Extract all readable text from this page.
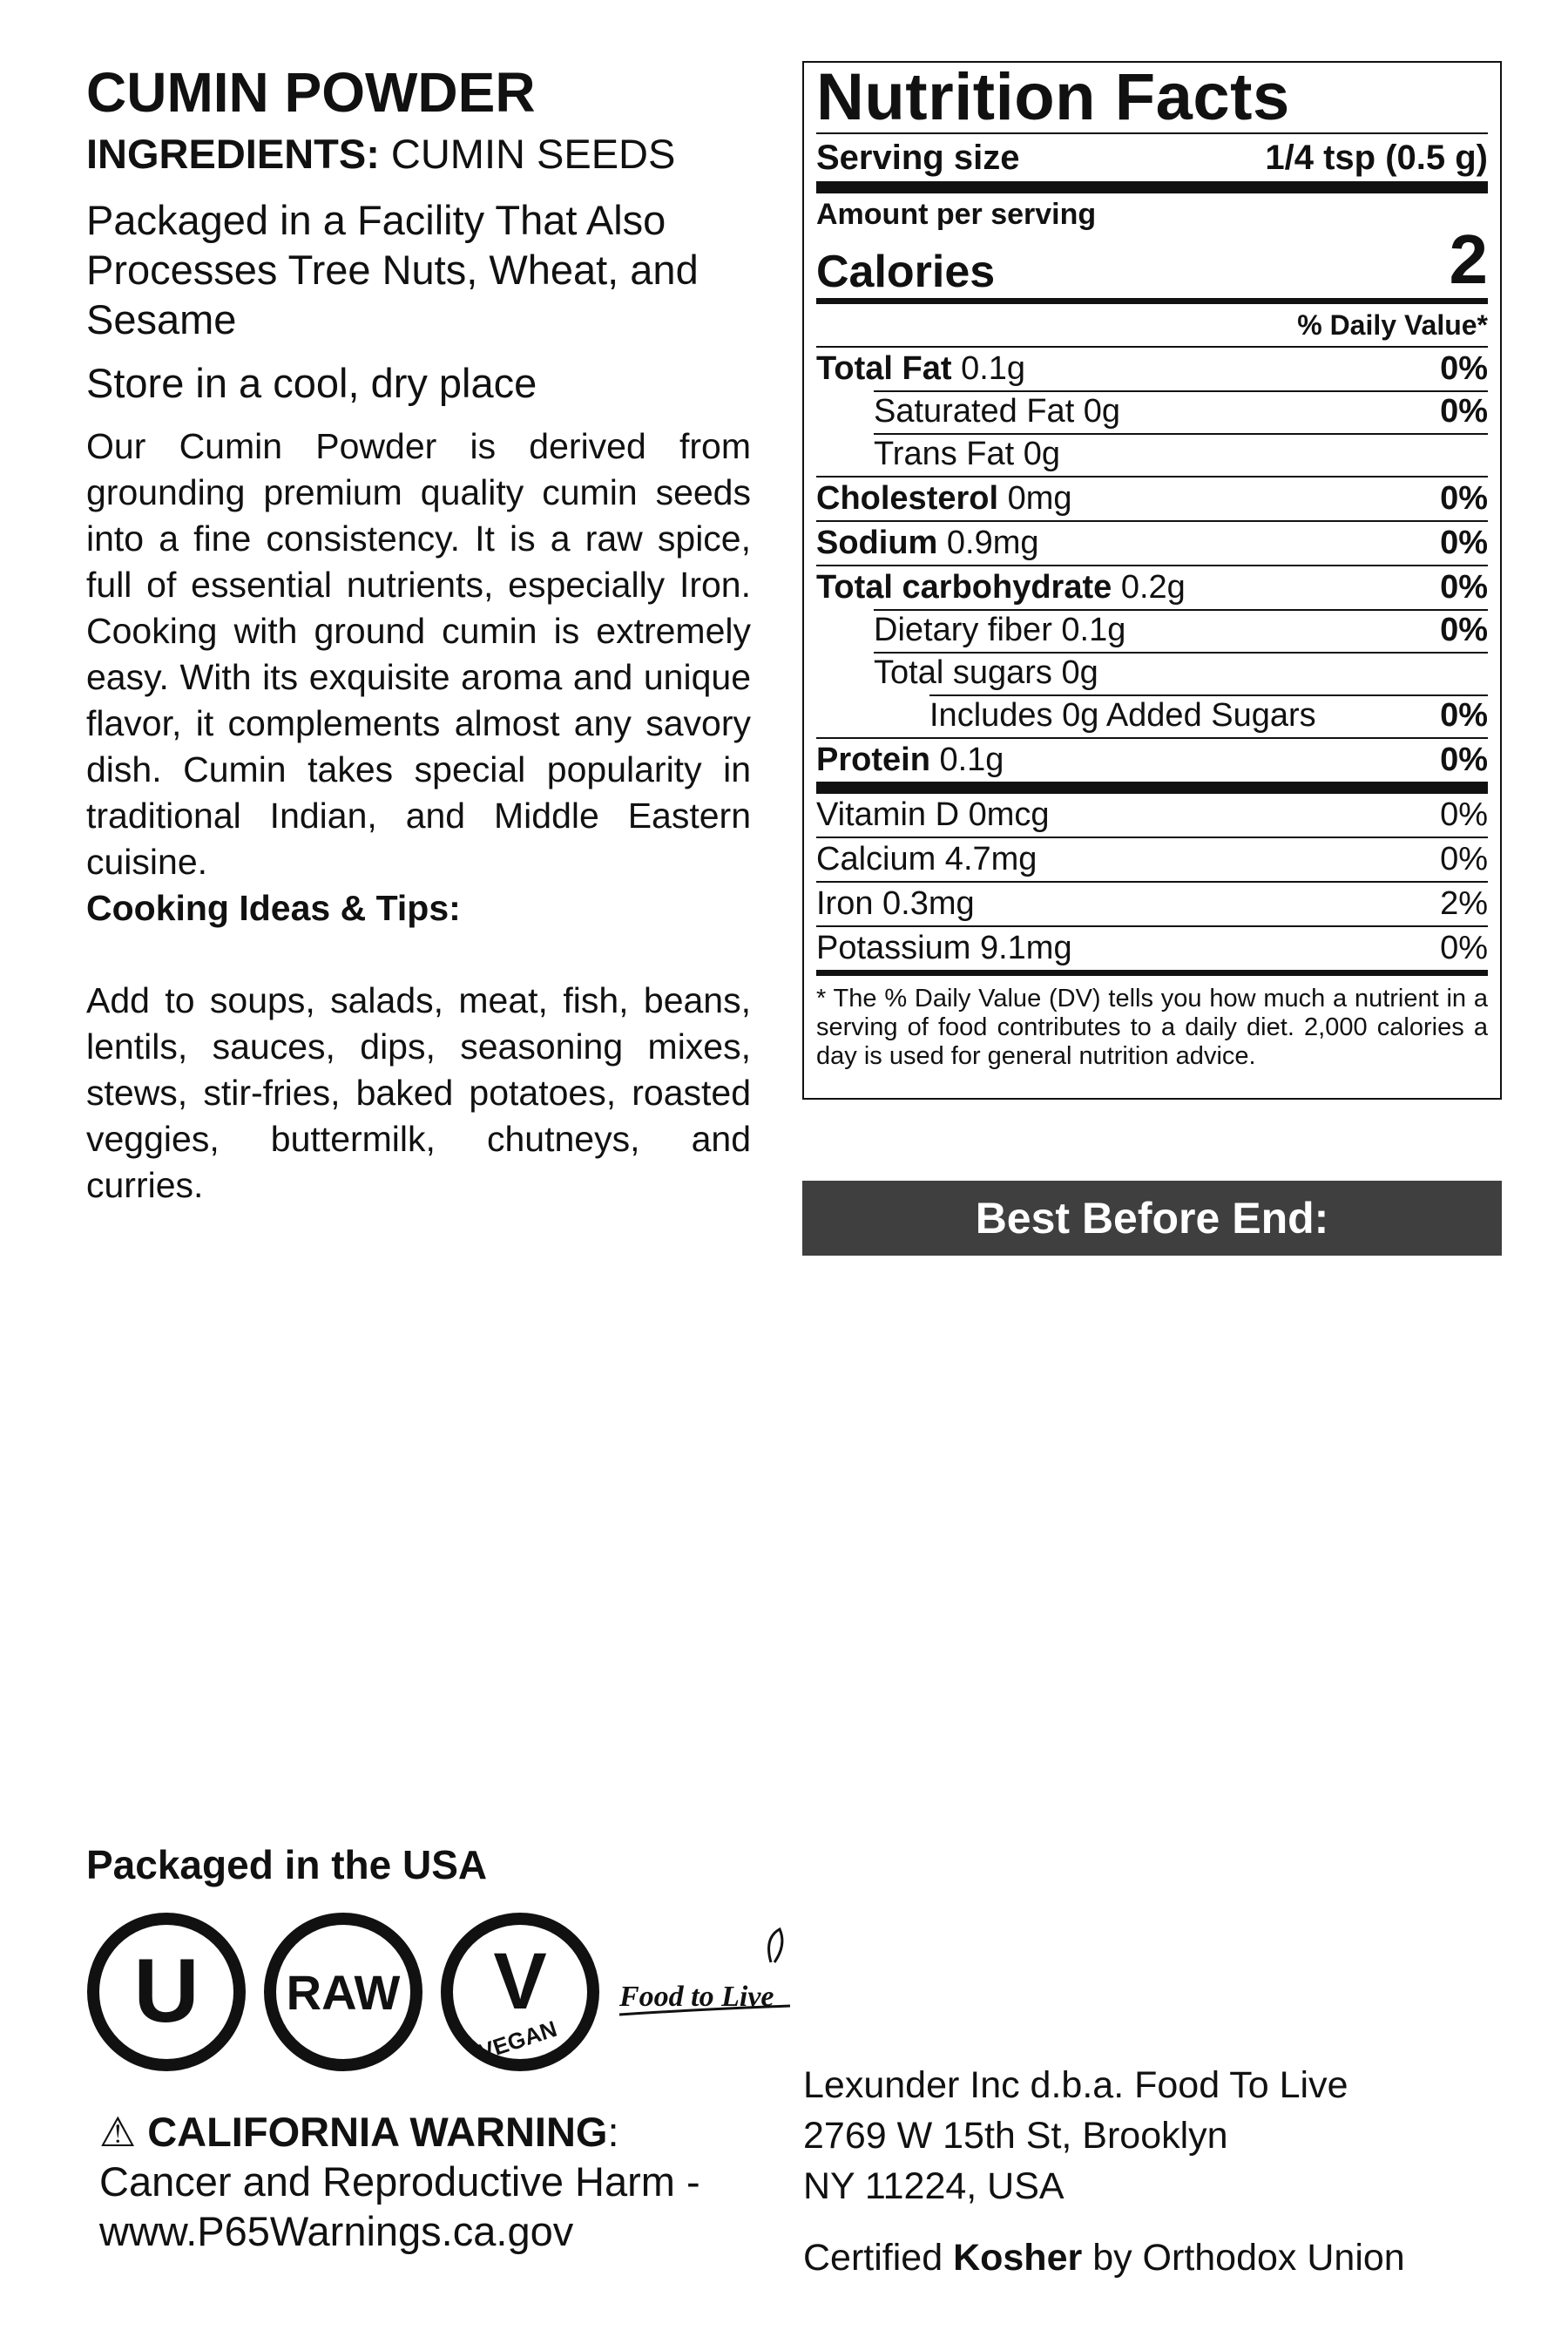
CUMIN POWDER
INGREDIENTS: CUMIN SEEDS
Packaged in a Facility That Also Processes Tree Nuts, Wheat, and Sesame
Store in a cool, dry place
Our Cumin Powder is derived from grounding premium quality cumin seeds into a fine consistency. It is a raw spice, full of essential nutrients, especially Iron. Cooking with ground cumin is extremely easy. With its exquisite aroma and unique flavor, it complements almost any savory dish. Cumin takes special popularity in traditional Indian, and Middle Eastern cuisine.
Cooking Ideas & Tips:
Add to soups, salads, meat, fish, beans, lentils, sauces, dips, seasoning mixes, stews, stir-fries, baked potatoes, roasted veggies, buttermilk, chutneys, and curries.
Nutrition Facts
Serving size	1/4 tsp (0.5 g)
Amount per serving
Calories	2
% Daily Value*
Total Fat 0.1g	0%
Saturated Fat 0g	0%
Trans Fat 0g
Cholesterol 0mg	0%
Sodium 0.9mg	0%
Total carbohydrate 0.2g	0%
Dietary fiber 0.1g	0%
Total sugars 0g
Includes 0g Added Sugars	0%
Protein 0.1g	0%
Vitamin D 0mcg	0%
Calcium 4.7mg	0%
Iron 0.3mg	2%
Potassium 9.1mg	0%
* The % Daily Value (DV) tells you how much a nutrient in a serving of food contributes to a daily diet. 2,000 calories a day is used for general nutrition advice.
Best Before End:
Packaged in the USA
U RAW V
VEGAN
Food to Live
⚠ CALIFORNIA WARNING:
Cancer and Reproductive Harm -
www.P65Warnings.ca.gov
Lexunder Inc d.b.a. Food To Live
2769 W 15th St, Brooklyn
NY 11224, USA
Certified Kosher by Orthodox Union
